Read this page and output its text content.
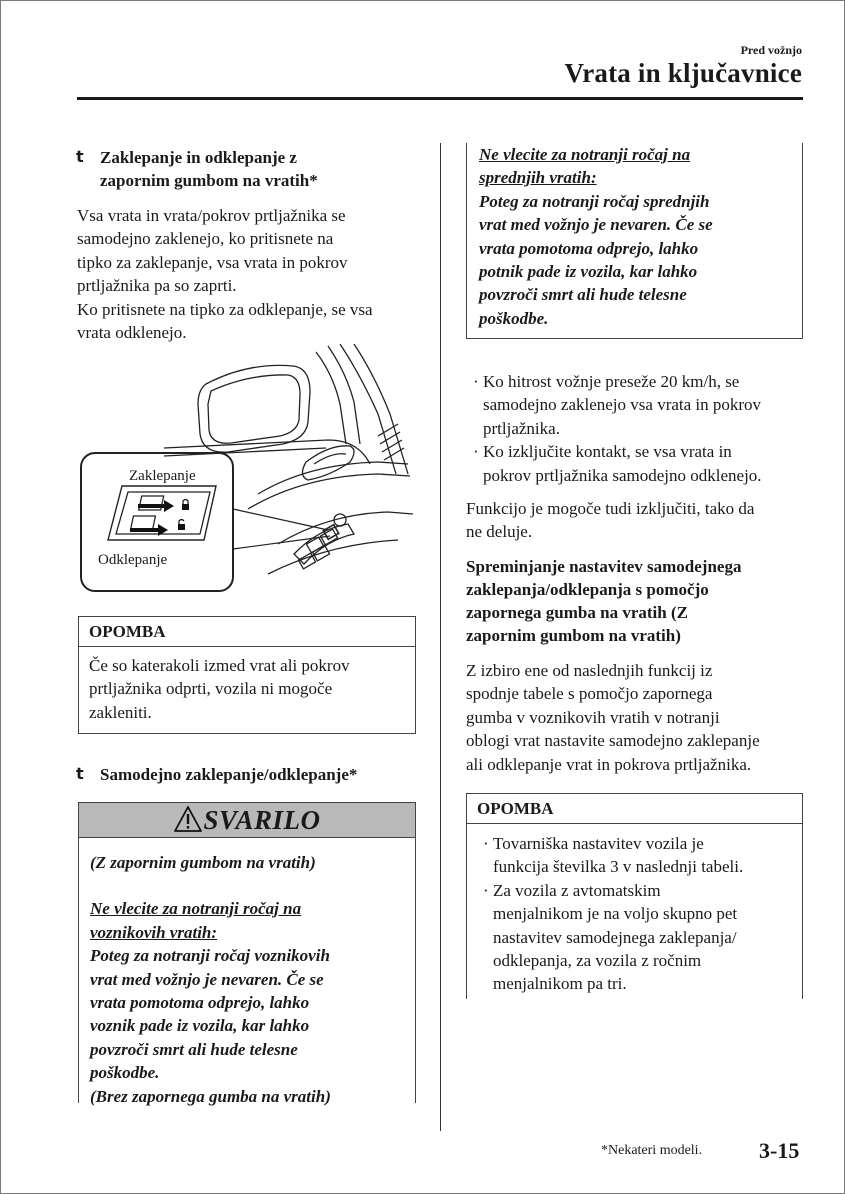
Pred vožnjo
Vrata in ključavnice
t Zaklepanje in odklepanje z
zapornim gumbom na vratih*
Vsa vrata in vrata/pokrov prtljažnika se
samodejno zaklenejo, ko pritisnete na
tipko za zaklepanje, vsa vrata in pokrov
prtljažnika pa so zaprti.
Ko pritisnete na tipko za odklepanje, se vsa
vrata odklenejo.
Zaklepanje
Odklepanje
OPOMBA
Če so katerakoli izmed vrat ali pokrov
prtljažnika odprti, vozila ni mogoče
zakleniti.
t Samodejno zaklepanje/odklepanje*
SVARILO
(Z zapornim gumbom na vratih)
Ne vlecite za notranji ročaj na
voznikovih vratih:
Poteg za notranji ročaj voznikovih
vrat med vožnjo je nevaren. Če se
vrata pomotoma odprejo, lahko
voznik pade iz vozila, kar lahko
povzroči smrt ali hude telesne
poškodbe.
(Brez zapornega gumba na vratih)
Ne vlecite za notranji ročaj na
sprednjih vratih:
Poteg za notranji ročaj sprednjih
vrat med vožnjo je nevaren. Če se
vrata pomotoma odprejo, lahko
potnik pade iz vozila, kar lahko
povzroči smrt ali hude telesne
poškodbe.
· Ko hitrost vožnje preseže 20 km/h, se
samodejno zaklenejo vsa vrata in pokrov
prtljažnika.
· Ko izključite kontakt, se vsa vrata in
pokrov prtljažnika samodejno odklenejo.
Funkcijo je mogoče tudi izključiti, tako da
ne deluje.
Spreminjanje nastavitev samodejnega
zaklepanja/odklepanja s pomočjo
zapornega gumba na vratih (Z
zapornim gumbom na vratih)
Z izbiro ene od naslednjih funkcij iz
spodnje tabele s pomočjo zapornega
gumba v voznikovih vratih v notranji
oblogi vrat nastavite samodejno zaklepanje
ali odklepanje vrat in pokrova prtljažnika.
OPOMBA
· Tovarniška nastavitev vozila je
funkcija številka 3 v naslednji tabeli.
· Za vozila z avtomatskim
menjalnikom je na voljo skupno pet
nastavitev samodejnega zaklepanja/
odklepanja, za vozila z ročnim
menjalnikom pa tri.
*Nekateri modeli.	3-15
